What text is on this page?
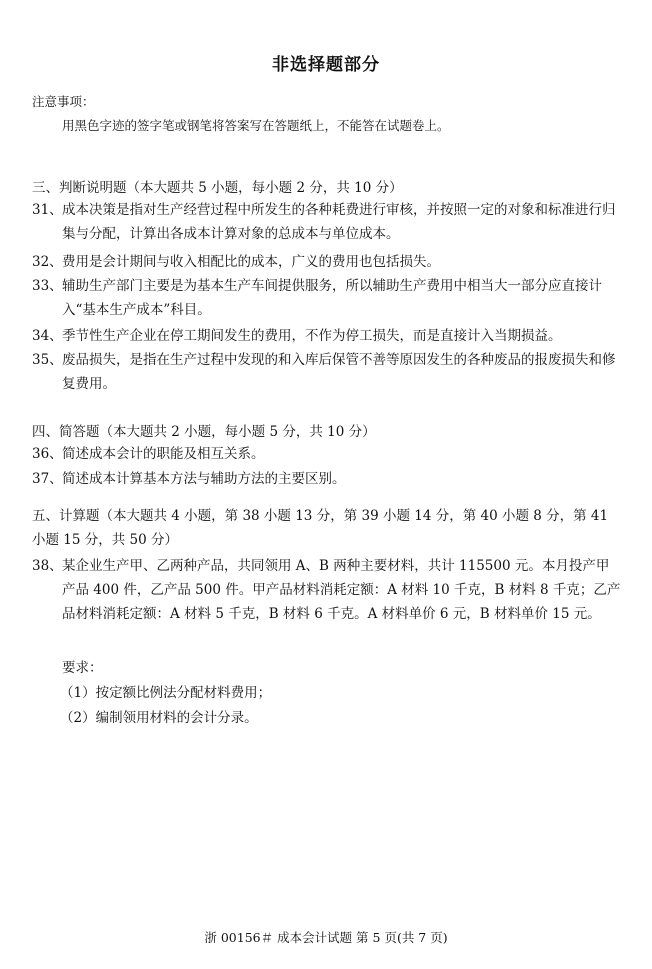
非选择题部分
注意事项：
用黑色字迹的签字笔或钢笔将答案写在答题纸上，不能答在试题卷上。
三、判断说明题（本大题共 5 小题，每小题 2 分，共 10 分）
31、 成本决策是指对生产经营过程中所发生的各种耗费进行审核，并按照一定的对象和标准进行归集与分配，计算出各成本计算对象的总成本与单位成本。
32、 费用是会计期间与收入相配比的成本，广义的费用也包括损失。
33、 辅助生产部门主要是为基本生产车间提供服务，所以辅助生产费用中相当大一部分应直接计入“基本生产成本”科目。
34、 季节性生产企业在停工期间发生的费用，不作为停工损失，而是直接计入当期损益。
35、 废品损失，是指在生产过程中发现的和入库后保管不善等原因发生的各种废品的报废损失和修复费用。
四、简答题（本大题共 2 小题，每小题 5 分，共 10 分）
36、 简述成本会计的职能及相互关系。
37、 简述成本计算基本方法与辅助方法的主要区别。
五、计算题（本大题共 4 小题，第 38 小题 13 分，第 39 小题 14 分，第 40 小题 8 分，第 41 小题 15 分，共 50 分）
38、 某企业生产甲、乙两种产品，共同领用 A、B 两种主要材料，共计 115500 元。本月投产甲产品 400 件，乙产品 500 件。甲产品材料消耗定额：A 材料 10 千克，B 材料 8 千克；乙产品材料消耗定额：A 材料 5 千克，B 材料 6 千克。A 材料单价 6 元，B 材料单价 15 元。
要求：
（1）按定额比例法分配材料费用；
（2）编制领用材料的会计分录。
浙 00156＃ 成本会计试题 第 5 页(共 7 页)
